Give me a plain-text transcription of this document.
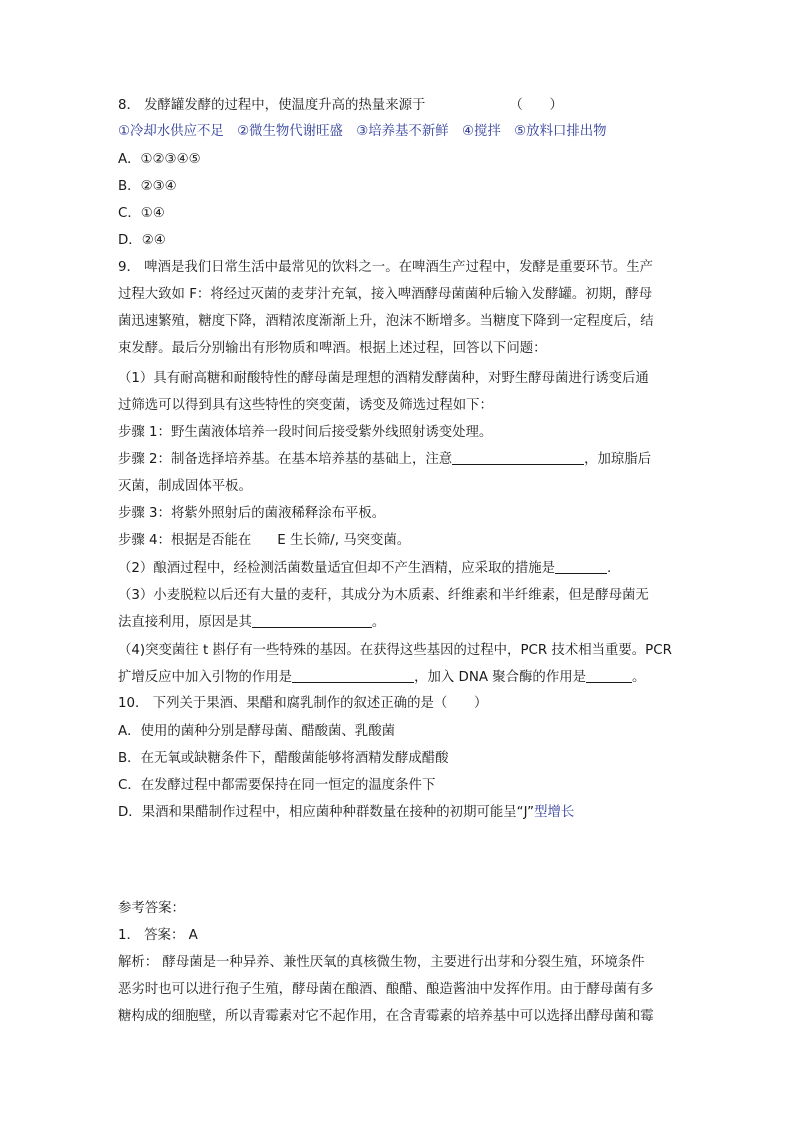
8． 发酵罐发酵的过程中，使温度升高的热量来源于	（　　）
①冷却水供应不足　②微生物代谢旺盛　③培养基不新鲜　④搅拌　⑤放料口排出物
A．①②③④⑤
B．②③④
C．①④
D．②④
9． 啤酒是我们日常生活中最常见的饮料之一。在啤酒生产过程中，发酵是重要环节。生产
过程大致如 F：将经过灭菌的麦芽汁充氧，接入啤酒酵母菌菌种后输入发酵罐。初期，酵母
菌迅速繁殖，糖度下降，酒精浓度渐渐上升，泡沫不断增多。当糖度下降到一定程度后，结
束发酵。最后分别输出有形物质和啤酒。根据上述过程，回答以下问题：
（1）具有耐高糖和耐酸特性的酵母菌是理想的酒精发酵菌种，对野生酵母菌进行诱变后通
过筛选可以得到具有这些特性的突变菌，诱变及筛选过程如下：
步骤 1：野生菌液体培养一段时间后接受紫外线照射诱变处理。
步骤 2：制备选择培养基。在基本培养基的基础上，注意	，加琼脂后
灭菌，制成固体平板。
步骤 3：将紫外照射后的菌液稀释涂布平板。
步骤 4：根据是否能在 E 生长筛/, 马突变菌。
（2）酿酒过程中，经检测活菌数量适宜但却不产生酒精，应采取的措施是	.
（3）小麦脱粒以后还有大量的麦秆，其成分为木质素、纤维素和半纤维素，但是酵母菌无
法直接利用，原因是其	。
（4)突变菌往 t 斟仔有一些特殊的基因。在获得这些基因的过程中，PCR 技术相当重要。PCR
扩增反应中加入引物的作用是	，加入 DNA 聚合酶的作用是	。
10． 下列关于果酒、果醋和腐乳制作的叙述正确的是（　　）
A．使用的菌种分别是酵母菌、醋酸菌、乳酸菌
B．在无氧或缺糖条件下，醋酸菌能够将酒精发酵成醋酸
C．在发酵过程中都需要保持在同一恒定的温度条件下
D．果酒和果醋制作过程中，相应菌种种群数量在接种的初期可能呈“J”型增长
参考答案：
1． 答案： A
解析： 酵母菌是一种异养、兼性厌氧的真核微生物，主要进行出芽和分裂生殖，环境条件
恶劣时也可以进行孢子生殖，酵母菌在酿酒、酿醋、酿造酱油中发挥作用。由于酵母菌有多
糖构成的细胞壁，所以青霉素对它不起作用，在含青霉素的培养基中可以选择出酵母菌和霉
